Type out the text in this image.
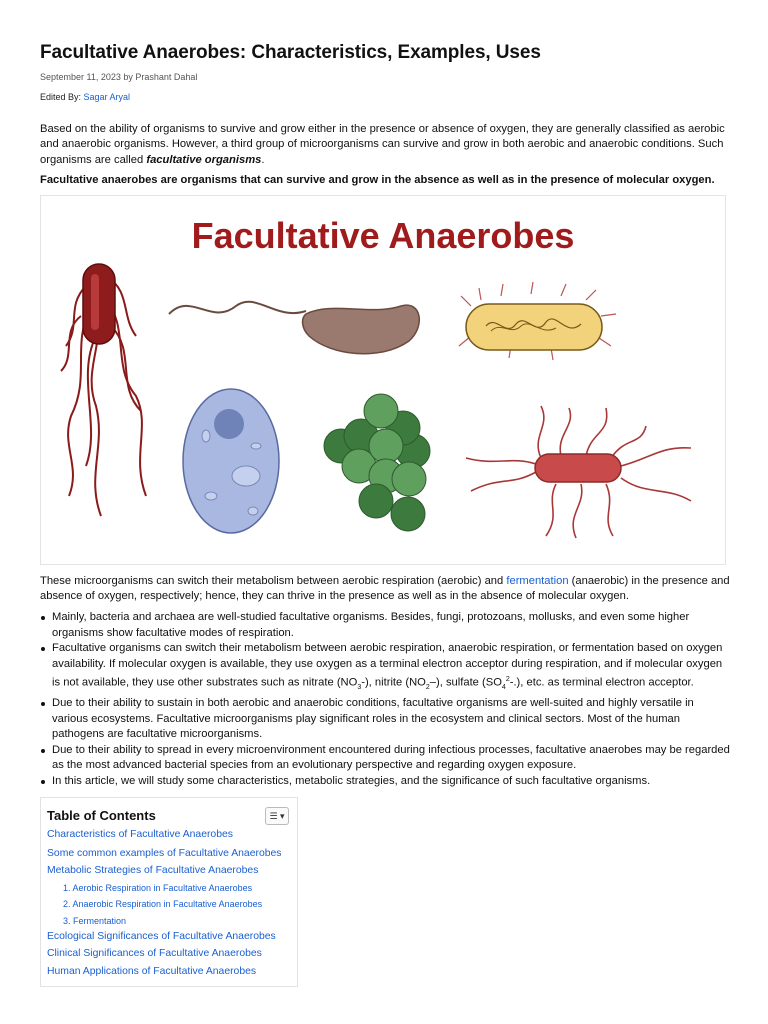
Facultative Anaerobes: Characteristics, Examples, Uses
September 11, 2023 by Prashant Dahal
Edited By: Sagar Aryal
Based on the ability of organisms to survive and grow either in the presence or absence of oxygen, they are generally classified as aerobic and anaerobic organisms. However, a third group of microorganisms can survive and grow in both aerobic and anaerobic conditions. Such organisms are called facultative organisms.
Facultative anaerobes are organisms that can survive and grow in the absence as well as in the presence of molecular oxygen.
Facultative Anaerobes
These microorganisms can switch their metabolism between aerobic respiration (aerobic) and fermentation (anaerobic) in the presence and absence of oxygen, respectively; hence, they can thrive in the presence as well as in the absence of molecular oxygen.
Mainly, bacteria and archaea are well-studied facultative organisms. Besides, fungi, protozoans, mollusks, and even some higher organisms show facultative modes of respiration.
Facultative organisms can switch their metabolism between aerobic respiration, anaerobic respiration, or fermentation based on oxygen availability. If molecular oxygen is available, they use oxygen as a terminal electron acceptor during respiration, and if molecular oxygen is not available, they use other substrates such as nitrate $(NO_3-)$, nitrite $(NO_2-)$, sulfate $(SO_4^2-.)$, etc. as terminal electron acceptor.
Due to their ability to sustain in both aerobic and anaerobic conditions, facultative organisms are well-suited and highly versatile in various ecosystems. Facultative microorganisms play significant roles in the ecosystem and clinical sectors. Most of the human pathogens are facultative microorganisms.
Due to their ability to spread in every microenvironment encountered during infectious processes, facultative anaerobes may be regarded as the most advanced bacterial species from an evolutionary perspective and regarding oxygen exposure.
In this article, we will study some characteristics, metabolic strategies, and the significance of such facultative organisms.
Table of Contents	☰ ▾
Characteristics of Facultative Anaerobes
Some common examples of Facultative Anaerobes
Metabolic Strategies of Facultative Anaerobes
1. Aerobic Respiration in Facultative Anaerobes
2. Anaerobic Respiration in Facultative Anaerobes
3. Fermentation
Ecological Significances of Facultative Anaerobes
Clinical Significances of Facultative Anaerobes
Human Applications of Facultative Anaerobes
